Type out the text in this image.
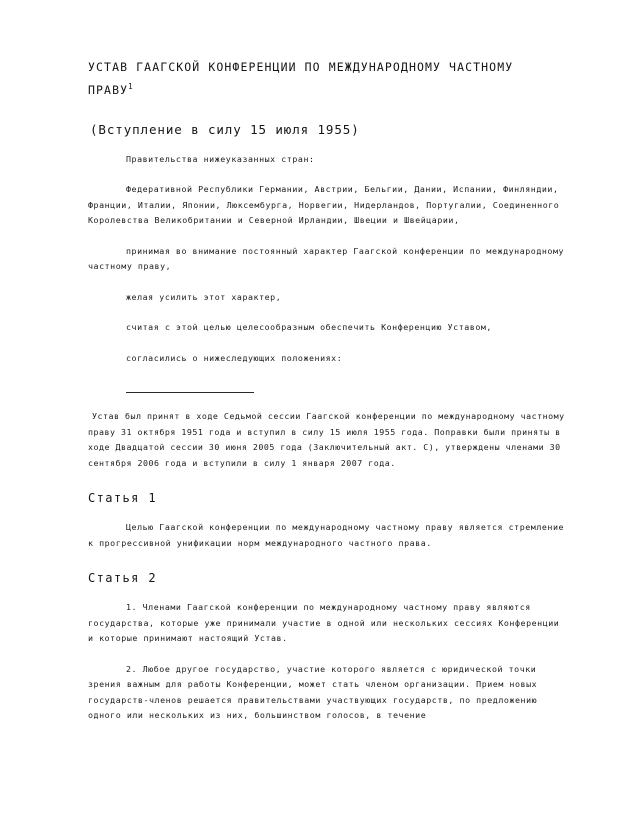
УСТАВ ГААГСКОЙ КОНФЕРЕНЦИИ ПО МЕЖДУНАРОДНОМУ ЧАСТНОМУ ПРАВУ$^1$
(Вступление в силу 15 июля 1955)

Правительства нижеуказанных стран:

Федеративной Республики Германии, Австрии, Бельгии, Дании, Испании, Финляндии, Франции, Италии, Японии, Люксембурга, Норвегии, Нидерландов, Португалии, Соединенного Королевства Великобритании и Северной Ирландии, Швеции и Швейцарии,

принимая во внимание постоянный характер Гаагской конференции по международному частному праву,

желая усилить этот характер,

считая с этой целью целесообразным обеспечить Конференцию Уставом,

согласились о нижеследующих положениях:

Устав был принят в ходе Седьмой сессии Гаагской конференции по международному частному праву 31 октября 1951 года и вступил в силу 15 июля 1955 года. Поправки были приняты в ходе Двадцатой сессии 30 июня 2005 года (Заключительный акт. С), утверждены членами 30 сентября 2006 года и вступили в силу 1 января 2007 года.

Статья 1

Целью Гаагской конференции по международному частному праву является стремление к прогрессивной унификации норм международного частного права.

Статья 2

1. Членами Гаагской конференции по международному частному праву являются государства, которые уже принимали участие в одной или нескольких сессиях Конференции и которые принимают настоящий Устав.

2. Любое другое государство, участие которого является с юридической точки зрения важным для работы Конференции, может стать членом организации. Прием новых государств-членов решается правительствами участвующих государств, по предложению одного или нескольких из них, большинством голосов, в течение
